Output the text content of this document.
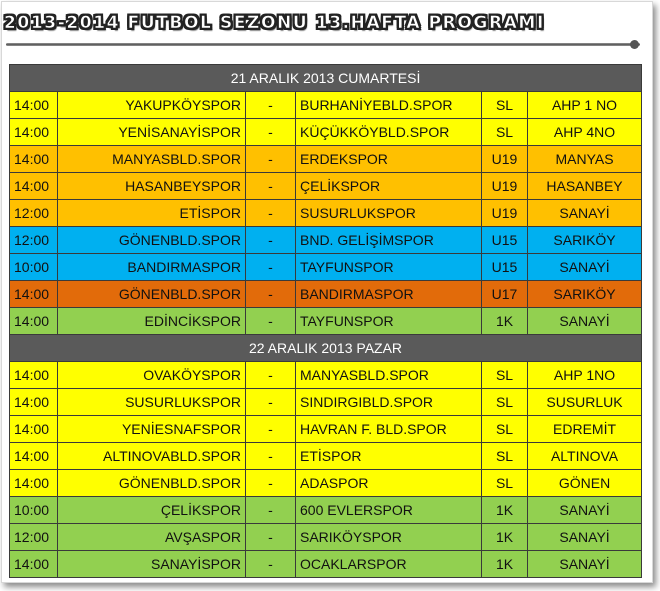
2013-2014 FUTBOL SEZONU 13.HAFTA PROGRAMI
21 ARALIK 2013 CUMARTESİ					
14:00	YAKUPKÖYSPOR	-	BURHANİYEBLD.SPOR	SL	AHP 1 NO
14:00	YENİSANAYİSPOR	-	KÜÇÜKKÖYBLD.SPOR	SL	AHP 4NO
14:00	MANYASBLD.SPOR	-	ERDEKSPOR	U19	MANYAS
14:00	HASANBEYSPOR	-	ÇELİKSPOR	U19	HASANBEY
12:00	ETİSPOR	-	SUSURLUKSPOR	U19	SANAYİ
12:00	GÖNENBLD.SPOR	-	BND. GELİŞİMSPOR	U15	SARIKÖY
10:00	BANDIRMASPOR	-	TAYFUNSPOR	U15	SANAYİ
14:00	GÖNENBLD.SPOR	-	BANDIRMASPOR	U17	SARIKÖY
14:00	EDİNCİKSPOR	-	TAYFUNSPOR	1K	SANAYİ
22 ARALIK 2013 PAZAR					
14:00	OVAKÖYSPOR	-	MANYASBLD.SPOR	SL	AHP 1NO
14:00	SUSURLUKSPOR	-	SINDIRGIBLD.SPOR	SL	SUSURLUK
14:00	YENİESNAFSPOR	-	HAVRAN F. BLD.SPOR	SL	EDREMİT
14:00	ALTINOVABLD.SPOR	-	ETİSPOR	SL	ALTINOVA
14:00	GÖNENBLD.SPOR	-	ADASPOR	SL	GÖNEN
10:00	ÇELİKSPOR	-	600 EVLERSPOR	1K	SANAYİ
12:00	AVŞASPOR	-	SARIKÖYSPOR	1K	SANAYİ
14:00	SANAYİSPOR	-	OCAKLARSPOR	1K	SANAYİ
